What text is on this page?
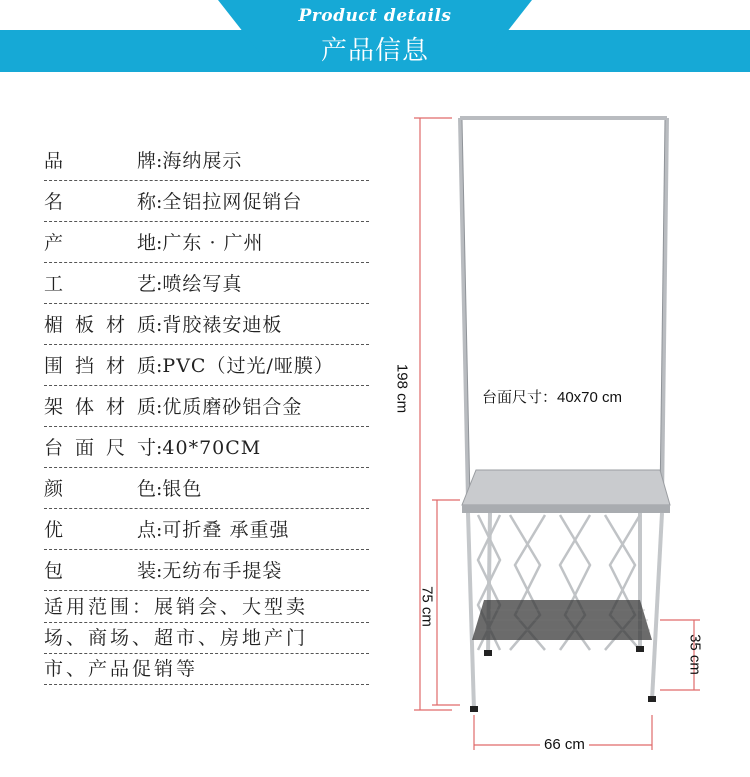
Product details
产品信息
品牌 : 海纳展示
名称 : 全铝拉网促销台
产地 : 广东 · 广州
工艺 : 喷绘写真
楣板材质 : 背胶裱安迪板
围挡材质 : PVC（过光/哑膜）
架体材质 : 优质磨砂铝合金
台面尺寸 : 40*70CM
颜色 : 银色
优点 : 可折叠 承重强
包装 : 无纺布手提袋
适用范围：展销会、大型卖
场、商场、超市、房地产门
市、产品促销等
198 cm
75 cm
35 cm
66 cm
台面尺寸：40x70 cm
